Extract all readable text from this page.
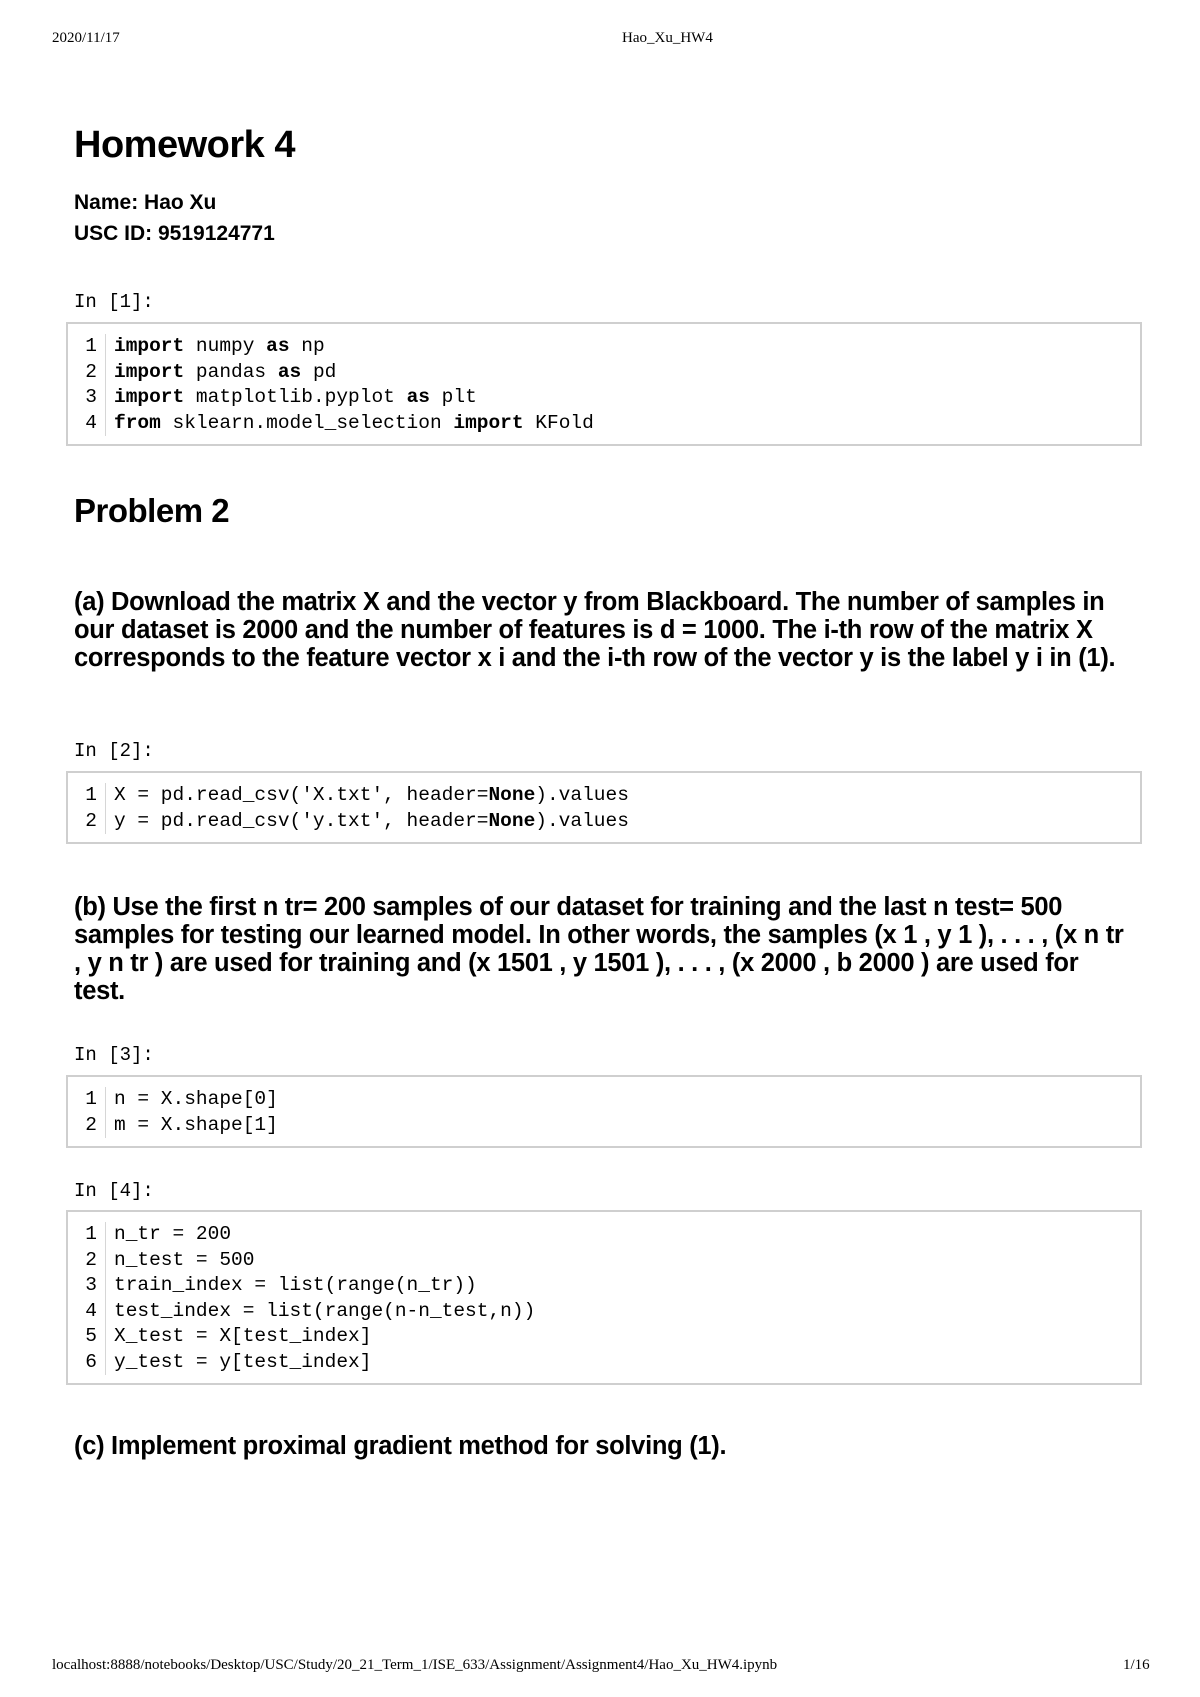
2020/11/17	Hao_Xu_HW4
Homework 4
Name: Hao Xu
USC ID: 9519124771
In [1]:
1 import numpy as np
2 import pandas as pd
3 import matplotlib.pyplot as plt
4 from sklearn.model_selection import KFold
Problem 2
(a) Download the matrix X and the vector y from Blackboard. The number of samples in our dataset is 2000 and the number of features is d = 1000. The i-th row of the matrix X corresponds to the feature vector x i and the i-th row of the vector y is the label y i in (1).
In [2]:
1 X = pd.read_csv('X.txt', header=None).values
2 y = pd.read_csv('y.txt', header=None).values
(b) Use the first n tr= 200 samples of our dataset for training and the last n test= 500 samples for testing our learned model. In other words, the samples (x 1 , y 1 ), . . . , (x n tr , y n tr ) are used for training and (x 1501 , y 1501 ), . . . , (x 2000 , b 2000 ) are used for test.
In [3]:
1 n = X.shape[0]
2 m = X.shape[1]
In [4]:
1 n_tr = 200
2 n_test = 500
3 train_index = list(range(n_tr))
4 test_index = list(range(n-n_test,n))
5 X_test = X[test_index]
6 y_test = y[test_index]
(c) Implement proximal gradient method for solving (1).
localhost:8888/notebooks/Desktop/USC/Study/20_21_Term_1/ISE_633/Assignment/Assignment4/Hao_Xu_HW4.ipynb	1/16
